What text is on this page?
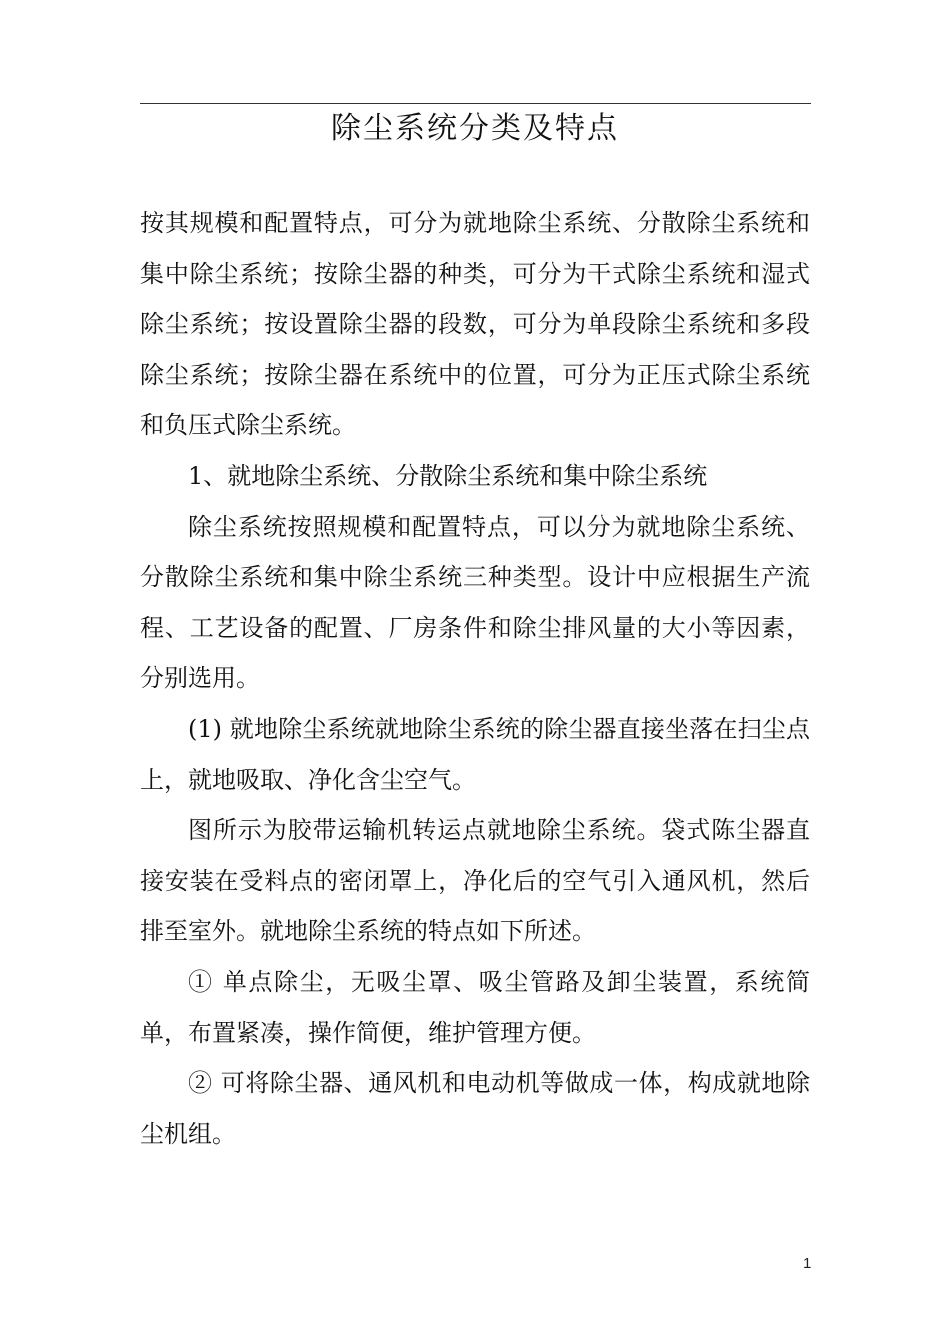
除尘系统分类及特点

按其规模和配置特点，可分为就地除尘系统、分散除尘系统和集中除尘系统；按除尘器的种类，可分为干式除尘系统和湿式除尘系统；按设置除尘器的段数，可分为单段除尘系统和多段除尘系统；按除尘器在系统中的位置，可分为正压式除尘系统和负压式除尘系统。

1、就地除尘系统、分散除尘系统和集中除尘系统

除尘系统按照规模和配置特点，可以分为就地除尘系统、分散除尘系统和集中除尘系统三种类型。设计中应根据生产流程、工艺设备的配置、厂房条件和除尘排风量的大小等因素，分别选用。

(1) 就地除尘系统就地除尘系统的除尘器直接坐落在扫尘点上，就地吸取、净化含尘空气。

图所示为胶带运输机转运点就地除尘系统。袋式陈尘器直接安装在受料点的密闭罩上，净化后的空气引入通风机，然后排至室外。就地除尘系统的特点如下所述。

① 单点除尘，无吸尘罩、吸尘管路及卸尘装置，系统简单，布置紧凑，操作简便，维护管理方便。

② 可将除尘器、通风机和电动机等做成一体，构成就地除尘机组。

1
